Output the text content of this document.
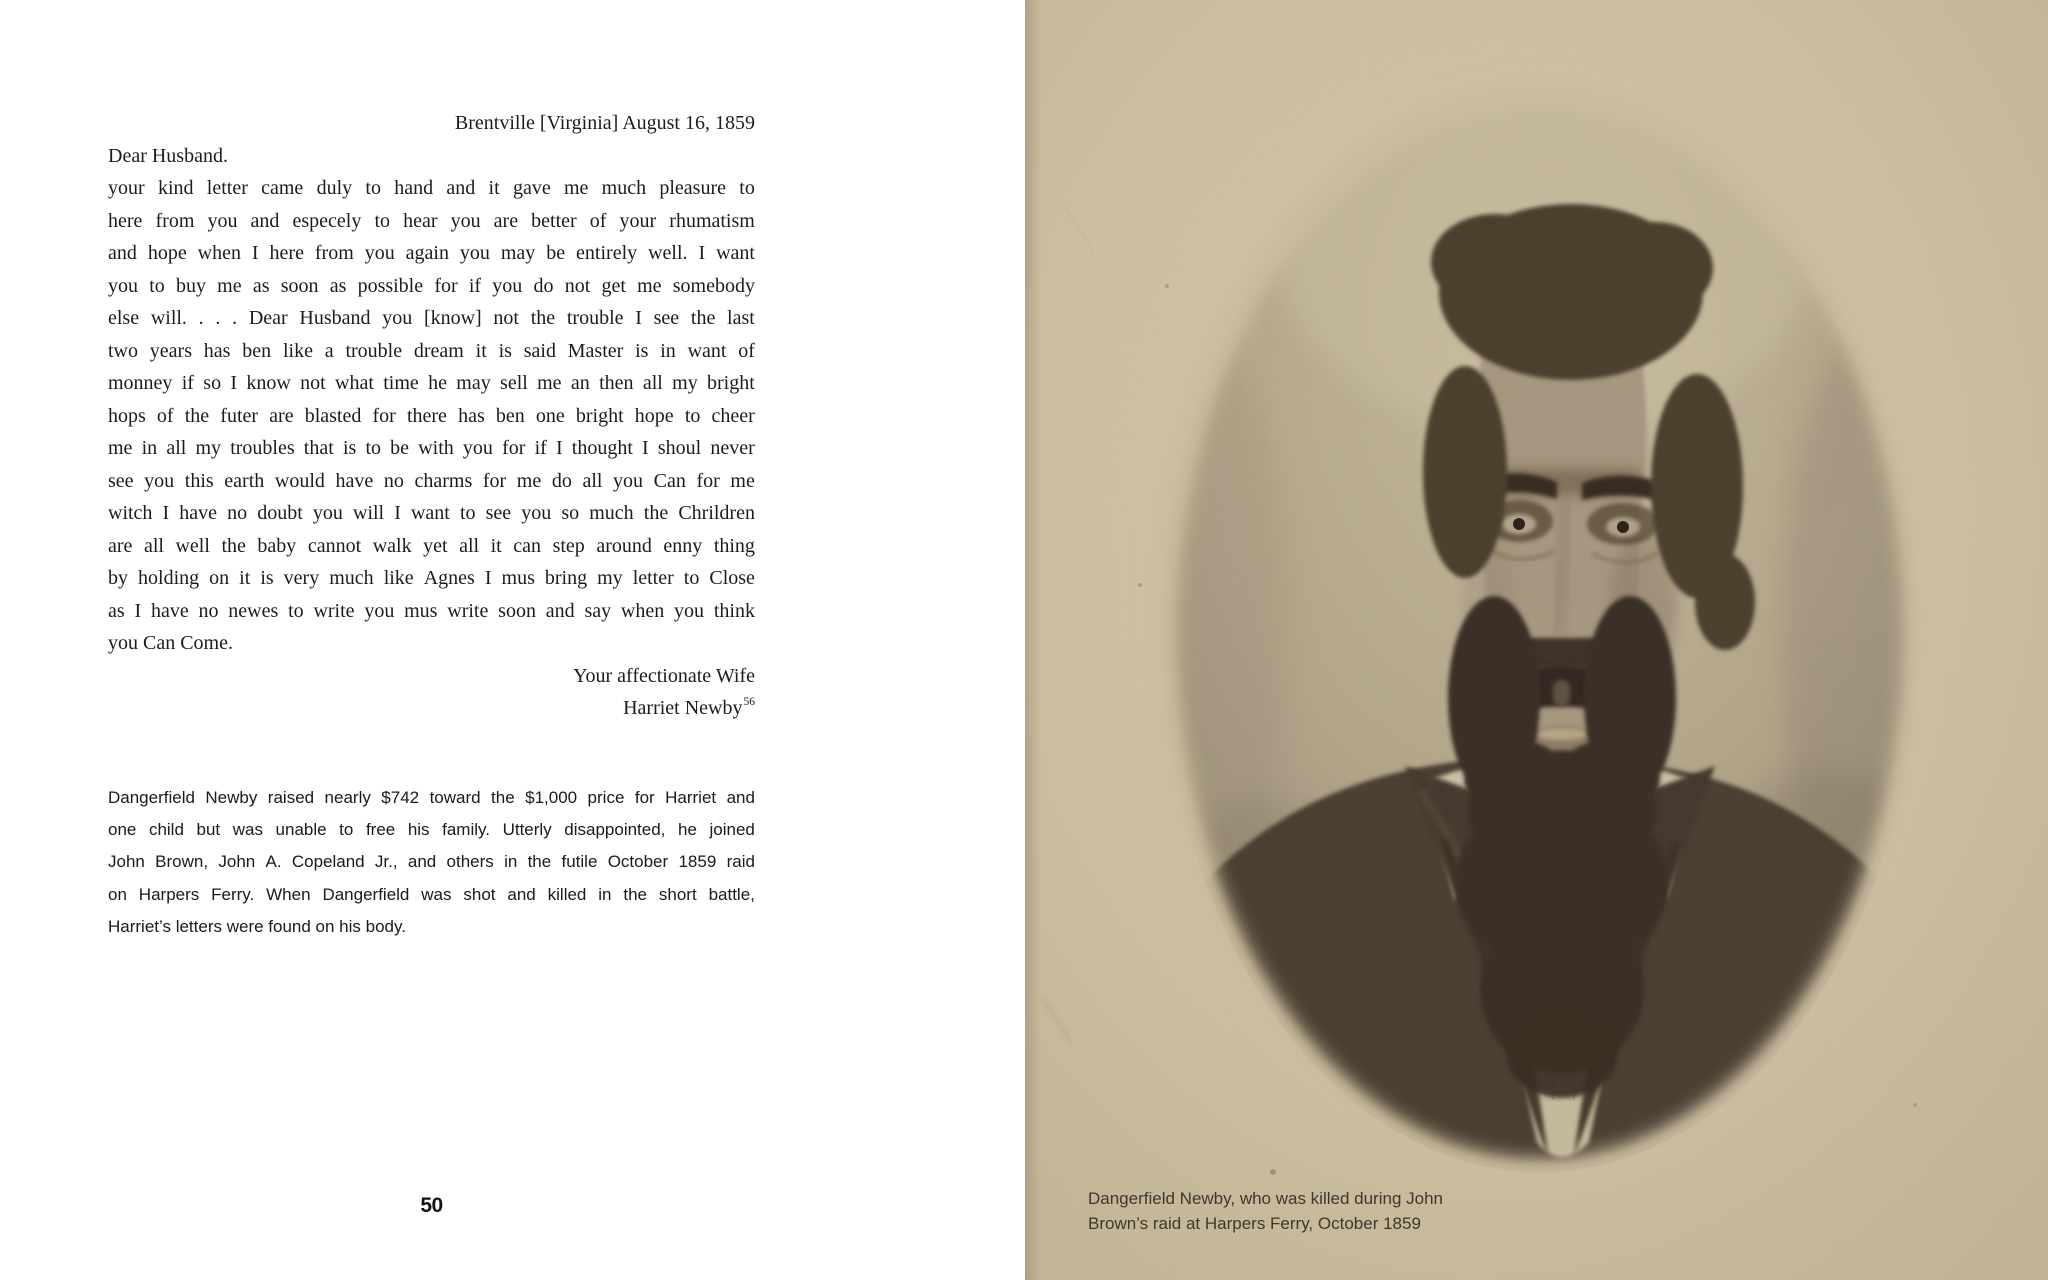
Brentville [Virginia] August 16, 1859
Dear Husband.
your kind letter came duly to hand and it gave me much pleasure to
here from you and especely to hear you are better of your rhumatism
and hope when I here from you again you may be entirely well. I want
you to buy me as soon as possible for if you do not get me somebody
else will. . . . Dear Husband you [know] not the trouble I see the last
two years has ben like a trouble dream it is said Master is in want of
monney if so I know not what time he may sell me an then all my bright
hops of the futer are blasted for there has ben one bright hope to cheer
me in all my troubles that is to be with you for if I thought I shoul never
see you this earth would have no charms for me do all you Can for me
witch I have no doubt you will I want to see you so much the Chrildren
are all well the baby cannot walk yet all it can step around enny thing
by holding on it is very much like Agnes I mus bring my letter to Close
as I have no newes to write you mus write soon and say when you think
you Can Come.
Your affectionate Wife
Harriet Newby$^{56}$
Dangerfield Newby raised nearly $742 toward the $1,000 price for Harriet and
one child but was unable to free his family. Utterly disappointed, he joined
John Brown, John A. Copeland Jr., and others in the futile October 1859 raid
on Harpers Ferry. When Dangerfield was shot and killed in the short battle,
Harriet’s letters were found on his body.
50	Dangerfield Newby, who was killed during John
Brown’s raid at Harpers Ferry, October 1859
